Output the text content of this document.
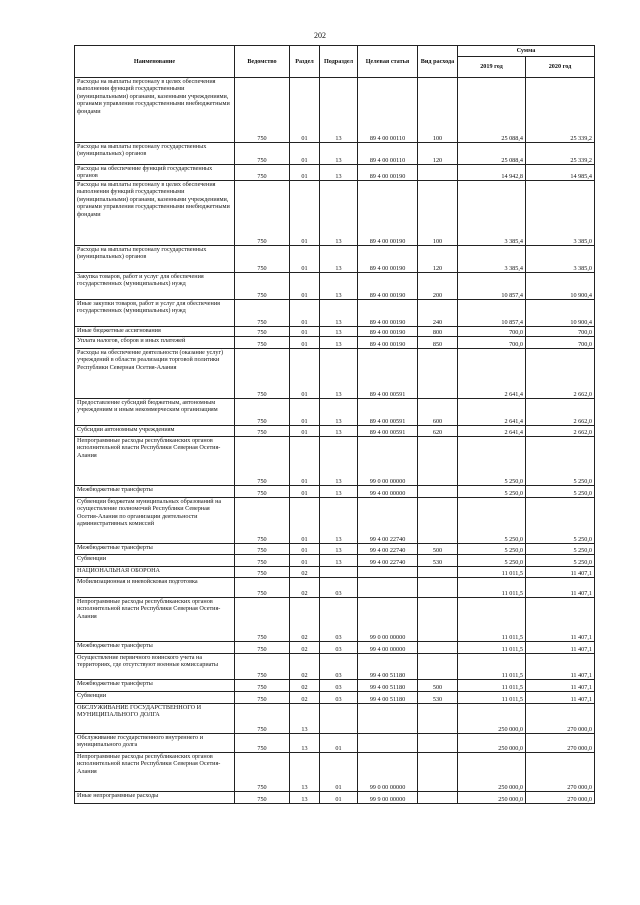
202
Наименование	Ведомство	Раздел	Подраздел	Целевая статья	Вид расхода	Сумма	
						2019 год	2020 год
Расходы на выплаты персоналу в целях обеспечения выполнения функций государственными (муниципальными) органами, казенными учреждениями, органами управления государственными внебюджетными фондами	750	01	13	89 4 00 00110	100	25 088,4	25 339,2
Расходы на выплаты персоналу государственных (муниципальных) органов	750	01	13	89 4 00 00110	120	25 088,4	25 339,2
Расходы на обеспечение функций государственных органов	750	01	13	89 4 00 00190		14 942,8	14 985,4
Расходы на выплаты персоналу в целях обеспечения выполнения функций государственными (муниципальными) органами, казенными учреждениями, органами управления государственными внебюджетными фондами	750	01	13	89 4 00 00190	100	3 385,4	3 385,0
Расходы на выплаты персоналу государственных (муниципальных) органов	750	01	13	89 4 00 00190	120	3 385,4	3 385,0
Закупка товаров, работ и услуг для обеспечения государственных (муниципальных) нужд	750	01	13	89 4 00 00190	200	10 857,4	10 900,4
Иные закупки товаров, работ и услуг для обеспечения государственных (муниципальных) нужд	750	01	13	89 4 00 00190	240	10 857,4	10 900,4
Иные бюджетные ассигнования	750	01	13	89 4 00 00190	800	700,0	700,0
Уплата налогов, сборов и иных платежей	750	01	13	89 4 00 00190	850	700,0	700,0
Расходы на обеспечение деятельности (оказание услуг) учреждений в области реализации торговой политики Республики Северная Осетия-Алания	750	01	13	89 4 00 00591		2 641,4	2 662,0
Предоставление субсидий бюджетным, автономным учреждениям и иным некоммерческим организациям	750	01	13	89 4 00 00591	600	2 641,4	2 662,0
Субсидии автономным учреждениям	750	01	13	89 4 00 00591	620	2 641,4	2 662,0
Непрограммные расходы республиканских органов исполнительной власти Республики Северная Осетия-Алания	750	01	13	99 0 00 00000		5 250,0	5 250,0
Межбюджетные трансферты	750	01	13	99 4 00 00000		5 250,0	5 250,0
Субвенции бюджетам муниципальных образований на осуществление полномочий Республики Северная Осетия-Алания по организации деятельности административных комиссий	750	01	13	99 4 00 22740		5 250,0	5 250,0
Межбюджетные трансферты	750	01	13	99 4 00 22740	500	5 250,0	5 250,0
Субвенции	750	01	13	99 4 00 22740	530	5 250,0	5 250,0
НАЦИОНАЛЬНАЯ ОБОРОНА	750	02				11 011,5	11 407,1
Мобилизационная и вневойсковая подготовка	750	02	03			11 011,5	11 407,1
Непрограммные расходы республиканских органов исполнительной власти Республики Северная Осетия-Алания	750	02	03	99 0 00 00000		11 011,5	11 407,1
Межбюджетные трансферты	750	02	03	99 4 00 00000		11 011,5	11 407,1
Осуществление первичного воинского учета на территориях, где отсутствуют военные комиссариаты	750	02	03	99 4 00 51180		11 011,5	11 407,1
Межбюджетные трансферты	750	02	03	99 4 00 51180	500	11 011,5	11 407,1
Субвенции	750	02	03	99 4 00 51180	530	11 011,5	11 407,1
ОБСЛУЖИВАНИЕ ГОСУДАРСТВЕННОГО И МУНИЦИПАЛЬНОГО ДОЛГА	750	13				250 000,0	270 000,0
Обслуживание государственного внутреннего и муниципального долга	750	13	01			250 000,0	270 000,0
Непрограммные расходы республиканских органов исполнительной власти Республики Северная Осетия-Алания	750	13	01	99 0 00 00000		250 000,0	270 000,0
Иные непрограммные расходы	750	13	01	99 9 00 00000		250 000,0	270 000,0
